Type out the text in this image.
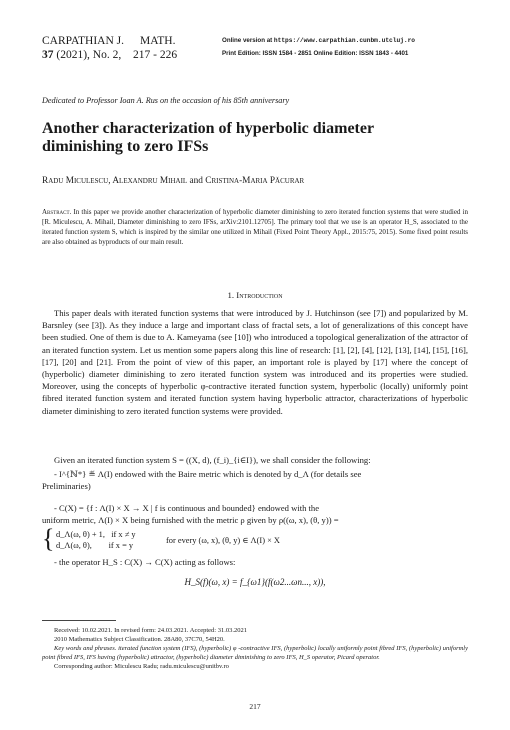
CARPATHIAN J. MATH.
37 (2021), No. 2, 217 - 226
Online version at https://www.carpathian.cunbm.utcluj.ro
Print Edition: ISSN 1584 - 2851 Online Edition: ISSN 1843 - 4401
Dedicated to Professor Ioan A. Rus on the occasion of his 85th anniversary
Another characterization of hyperbolic diameter
diminishing to zero IFSs
Radu Miculescu, Alexandru Mihail and Cristina-Maria Păcurar
Abstract. In this paper we provide another characterization of hyperbolic diameter diminishing to zero iterated function systems that were studied in [R. Miculescu, A. Mihail, Diameter diminishing to zero IFSs, arXiv:2101.12705]. The primary tool that we use is an operator H_S, associated to the iterated function system S, which is inspired by the similar one utilized in Mihail (Fixed Point Theory Appl., 2015:75, 2015). Some fixed point results are also obtained as byproducts of our main result.
1. Introduction
This paper deals with iterated function systems that were introduced by J. Hutchinson (see [7]) and popularized by M. Barsnley (see [3]). As they induce a large and important class of fractal sets, a lot of generalizations of this concept have been studied. One of them is due to A. Kameyama (see [10]) who introduced a topological generalization of the attractor of an iterated function system. Let us mention some papers along this line of research: [1], [2], [4], [12], [13], [14], [15], [16], [17], [20] and [21]. From the point of view of this paper, an important role is played by [17] where the concept of (hyperbolic) diameter diminishing to zero iterated function system was introduced and its properties were studied. Moreover, using the concepts of hyperbolic φ-contractive iterated function system, hyperbolic (locally) uniformly point fibred iterated function system and iterated function system having hyperbolic attractor, characterizations of hyperbolic diameter diminishing to zero iterated function systems were provided.
Given an iterated function system S = ((X, d), (f_i)_{i∈I}), we shall consider the following:
- I^{ℕ*} ≝ Λ(I) endowed with the Baire metric which is denoted by d_Λ (for details see
Preliminaries)
- C(X) = {f : Λ(I) × X → X | f is continuous and bounded} endowed with the
uniform metric, Λ(I) × X being furnished with the metric ρ given by ρ((ω, x), (θ, y)) =
{ d_Λ(ω, θ) + 1,   if x ≠ y
d_Λ(ω, θ),        if x = y
for every (ω, x), (θ, y) ∈ Λ(I) × X
- the operator H_S : C(X) → C(X) acting as follows:
H_S(f)(ω, x) = f_{ω1}(f(ω2...ωn..., x)),
Received: 10.02.2021. In revised form: 24.03.2021. Accepted: 31.03.2021
2010 Mathematics Subject Classification. 28A80, 37C70, 54H20.
Key words and phrases. iterated function system (IFS), (hyperbolic) φ -contractive IFS, (hyperbolic) locally uniformly point fibred IFS, (hyperbolic) uniformly point fibred IFS, IFS having (hyperbolic) attractor, (hyperbolic) diameter diminishing to zero IFS, H_S operator, Picard operator.
Corresponding author: Miculescu Radu; radu.miculescu@unitbv.ro
217
